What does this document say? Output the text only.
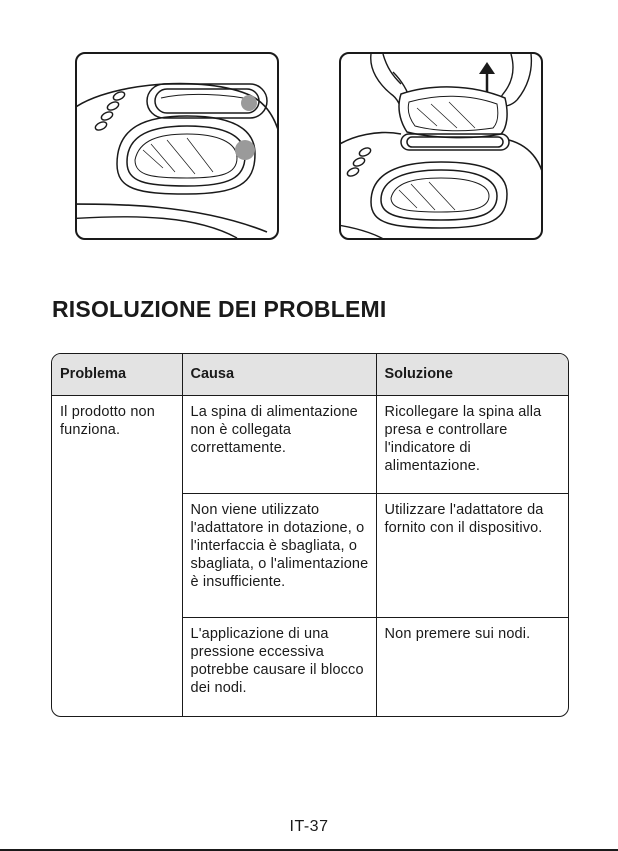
RISOLUZIONE DEI PROBLEMI
Problema	Causa	Soluzione
Il prodotto non funziona.	La spina di alimentazione non è collegata correttamente.	Ricollegare la spina alla presa e controllare l'indicatore di alimentazione.
	Non viene utilizzato l'adattatore in dotazione, o l'interfaccia è sbagliata, o sbagliata, o l'alimentazione è insufficiente.	Utilizzare l'adattatore da fornito con il dispositivo.
	L'applicazione di una pressione eccessiva potrebbe causare il blocco dei nodi.	Non premere sui nodi.
IT-37
